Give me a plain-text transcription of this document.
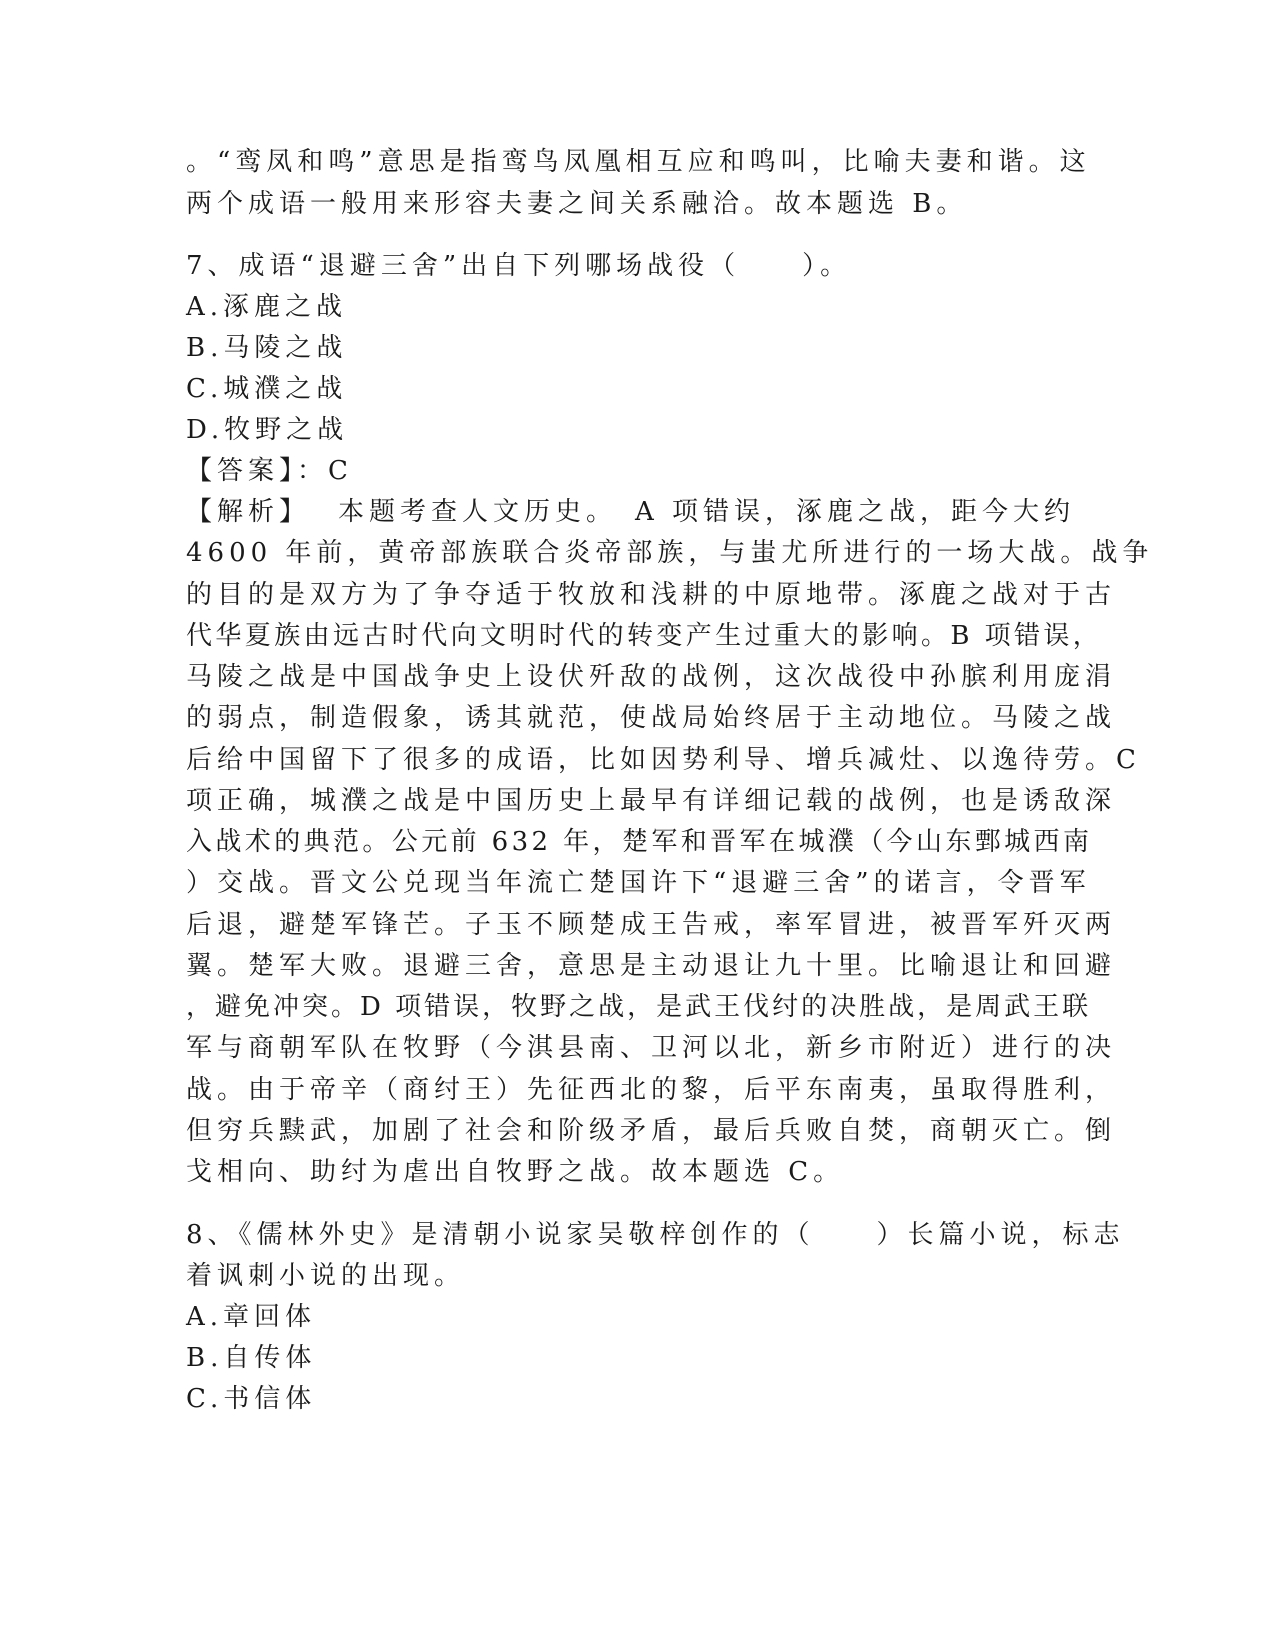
。“鸾凤和鸣”意思是指鸾鸟凤凰相互应和鸣叫，比喻夫妻和谐。这
两个成语一般用来形容夫妻之间关系融洽。故本题选 B。
7、成语“退避三舍”出自下列哪场战役（　　）。
A.涿鹿之战
B.马陵之战
C.城濮之战
D.牧野之战
【答案】：C
【解析】 本题考查人文历史。　A 项错误，涿鹿之战，距今大约
4600 年前，黄帝部族联合炎帝部族，与蚩尤所进行的一场大战。战争
的目的是双方为了争夺适于牧放和浅耕的中原地带。涿鹿之战对于古
代华夏族由远古时代向文明时代的转变产生过重大的影响。B 项错误，
马陵之战是中国战争史上设伏歼敌的战例，这次战役中孙膑利用庞涓
的弱点，制造假象，诱其就范，使战局始终居于主动地位。马陵之战
后给中国留下了很多的成语，比如因势利导、增兵减灶、以逸待劳。C
项正确，城濮之战是中国历史上最早有详细记载的战例，也是诱敌深
入战术的典范。公元前 632 年，楚军和晋军在城濮（今山东鄄城西南
）交战。晋文公兑现当年流亡楚国许下“退避三舍”的诺言，令晋军
后退，避楚军锋芒。子玉不顾楚成王告戒，率军冒进，被晋军歼灭两
翼。楚军大败。退避三舍，意思是主动退让九十里。比喻退让和回避
，避免冲突。D 项错误，牧野之战，是武王伐纣的决胜战，是周武王联
军与商朝军队在牧野（今淇县南、卫河以北，新乡市附近）进行的决
战。由于帝辛（商纣王）先征西北的黎，后平东南夷，虽取得胜利，
但穷兵黩武，加剧了社会和阶级矛盾，最后兵败自焚，商朝灭亡。倒
戈相向、助纣为虐出自牧野之战。故本题选 C。
8、《儒林外史》是清朝小说家吴敬梓创作的（　　）长篇小说，标志
着讽刺小说的出现。
A.章回体
B.自传体
C.书信体
